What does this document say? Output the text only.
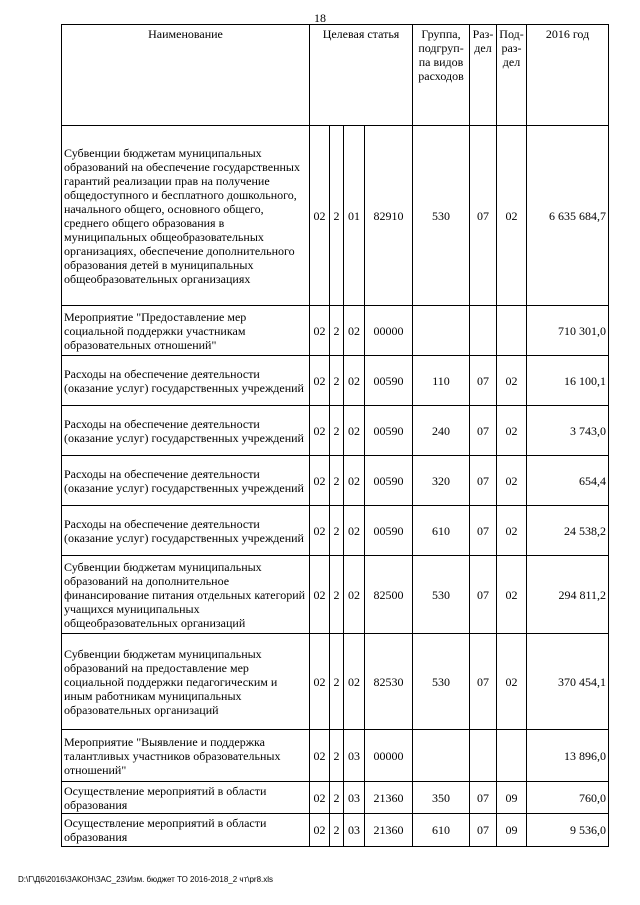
18
Наименование	Целевая статья				Группа, подгруп- па видов расходов	Раз- дел	Под- раз- дел	2016 год
Субвенции бюджетам муниципальных образований на обеспечение государственных гарантий реализации прав на получение общедоступного и бесплатного дошкольного, начального общего, основного общего, среднего общего образования в муниципальных общеобразовательных организациях, обеспечение дополнительного образования детей в муниципальных общеобразовательных организациях	02	2	01	82910	530	07	02	6 635 684,7
Мероприятие "Предоставление мер социальной поддержки участникам образовательных отношений"	02	2	02	00000				710 301,0
Расходы на обеспечение деятельности (оказание услуг) государственных учреждений	02	2	02	00590	110	07	02	16 100,1
Расходы на обеспечение деятельности (оказание услуг) государственных учреждений	02	2	02	00590	240	07	02	3 743,0
Расходы на обеспечение деятельности (оказание услуг) государственных учреждений	02	2	02	00590	320	07	02	654,4
Расходы на обеспечение деятельности (оказание услуг) государственных учреждений	02	2	02	00590	610	07	02	24 538,2
Субвенции бюджетам муниципальных образований на дополнительное финансирование питания отдельных категорий учащихся муниципальных общеобразовательных организаций	02	2	02	82500	530	07	02	294 811,2
Субвенции бюджетам муниципальных образований на предоставление мер социальной поддержки педагогическим и иным работникам муниципальных образовательных организаций	02	2	02	82530	530	07	02	370 454,1
Мероприятие "Выявление и поддержка талантливых участников образовательных отношений"	02	2	03	00000				13 896,0
Осуществление мероприятий в области образования	02	2	03	21360	350	07	09	760,0
Осуществление мероприятий в области образования	02	2	03	21360	610	07	09	9 536,0
D:\Г\Д6\2016\ЗАКОН\ЗАС_23\Изм. бюджет ТО 2016-2018_2 чт\pr8.xls
